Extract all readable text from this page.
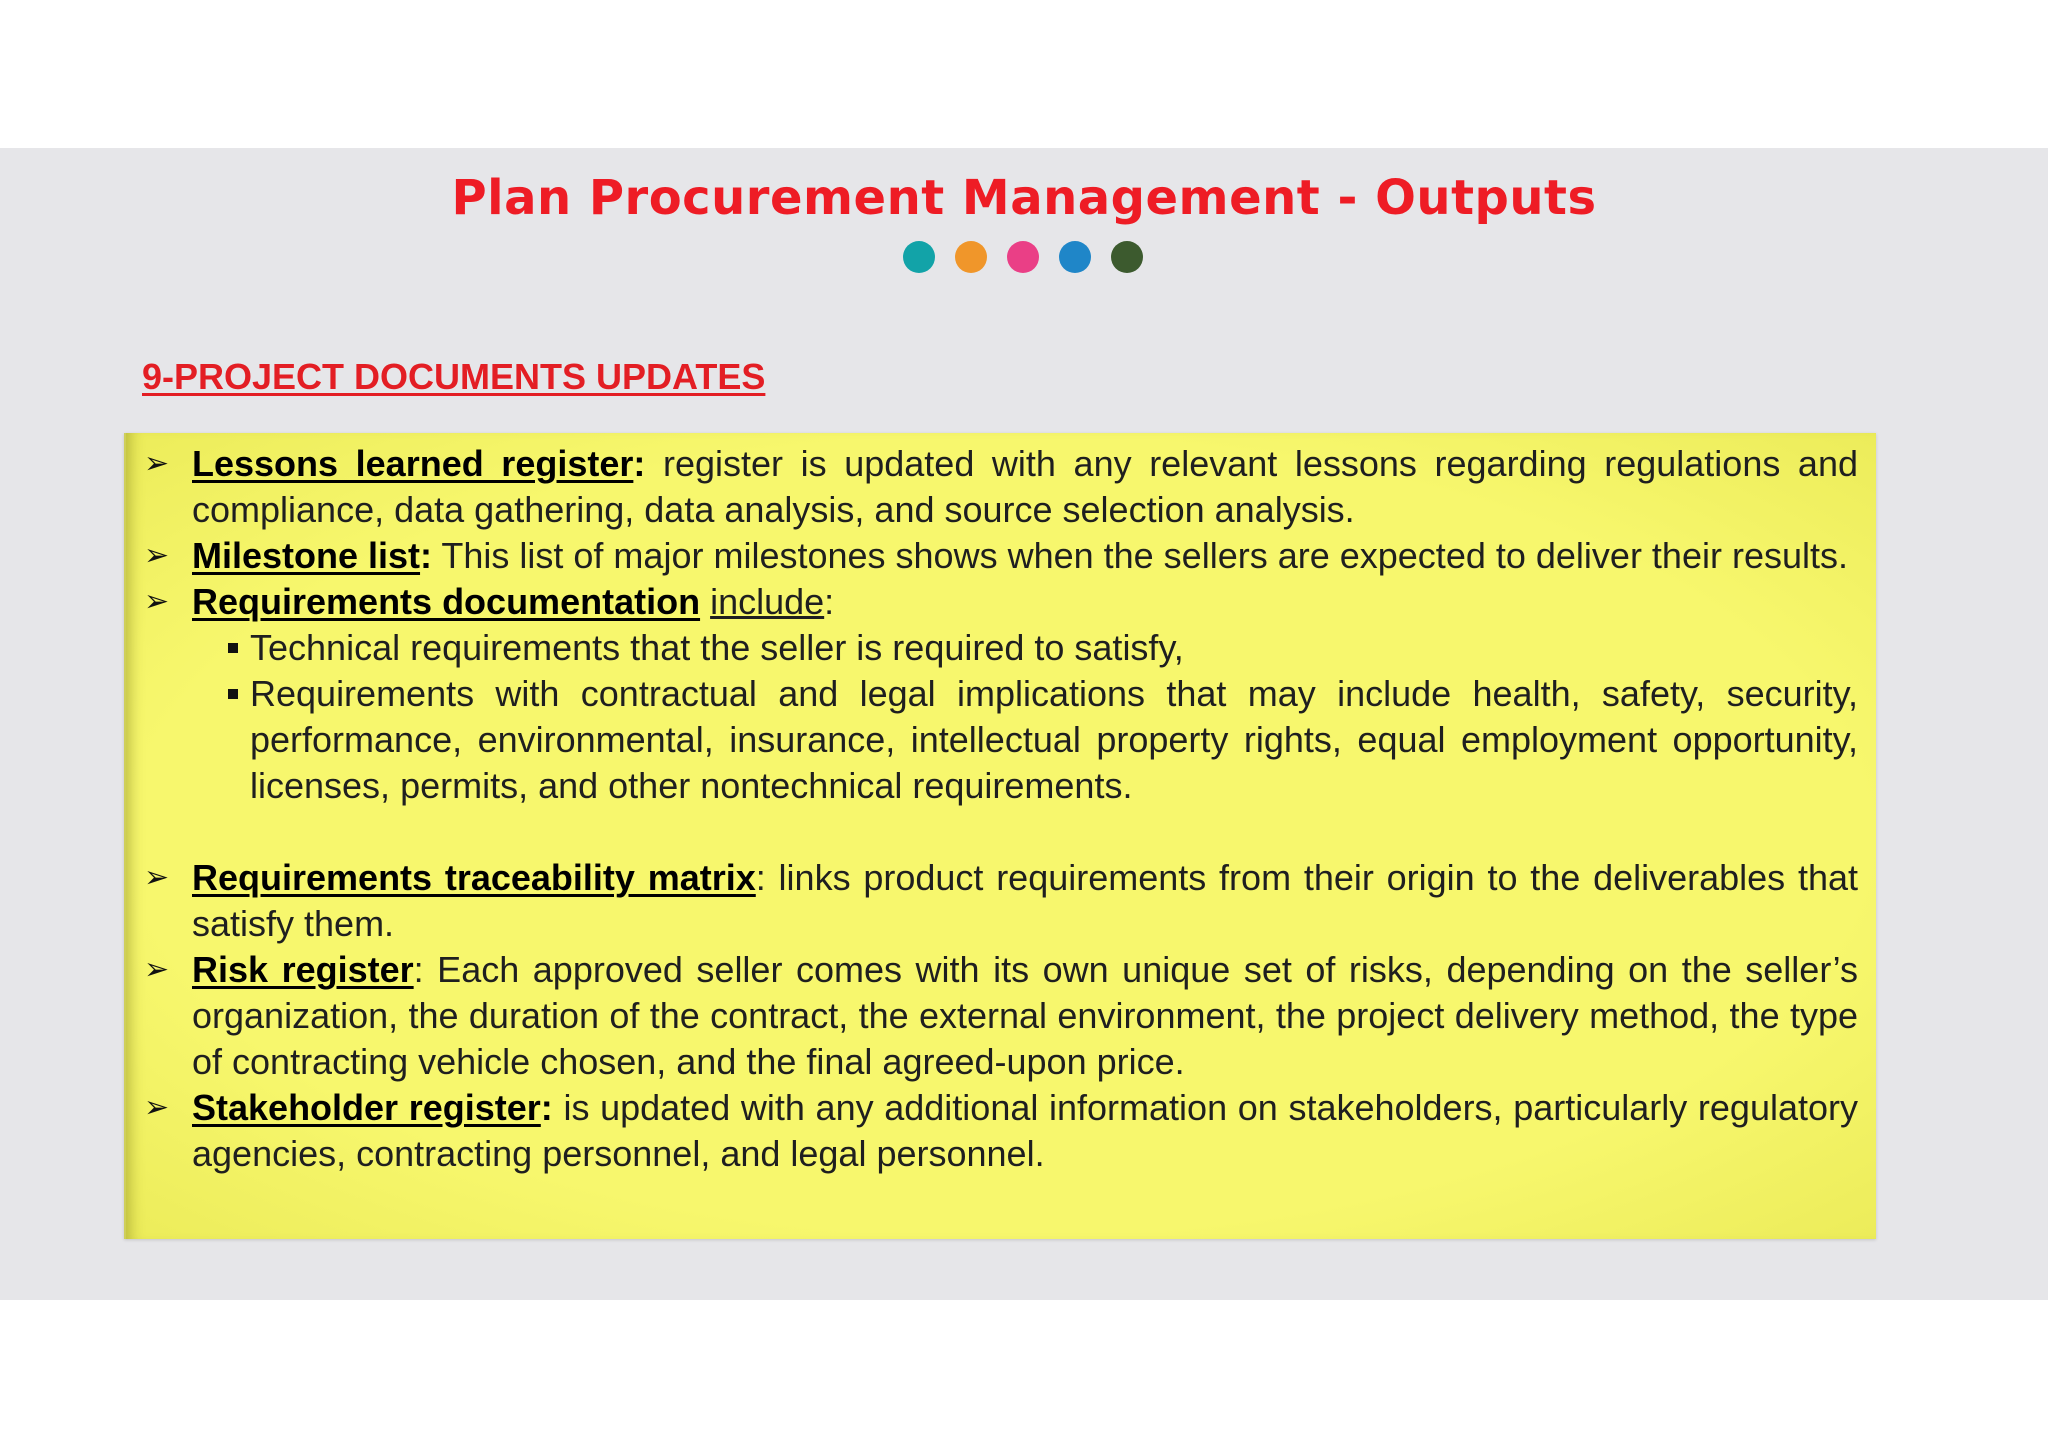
Plan Procurement Management - Outputs
9-PROJECT DOCUMENTS UPDATES
➢ Lessons learned register: register is updated with any relevant lessons regarding regulations and compliance, data gathering, data analysis, and source selection analysis.
➢ Milestone list: This list of major milestones shows when the sellers are expected to deliver their results.
➢ Requirements documentation include:
Technical requirements that the seller is required to satisfy,
Requirements with contractual and legal implications that may include health, safety, security, performance, environmental, insurance, intellectual property rights, equal employment opportunity, licenses, permits, and other nontechnical requirements.
➢ Requirements traceability matrix: links product requirements from their origin to the deliverables that satisfy them.
➢ Risk register: Each approved seller comes with its own unique set of risks, depending on the seller’s organization, the duration of the contract, the external environment, the project delivery method, the type of contracting vehicle chosen, and the final agreed-upon price.
➢ Stakeholder register: is updated with any additional information on stakeholders, particularly regulatory agencies, contracting personnel, and legal personnel.
